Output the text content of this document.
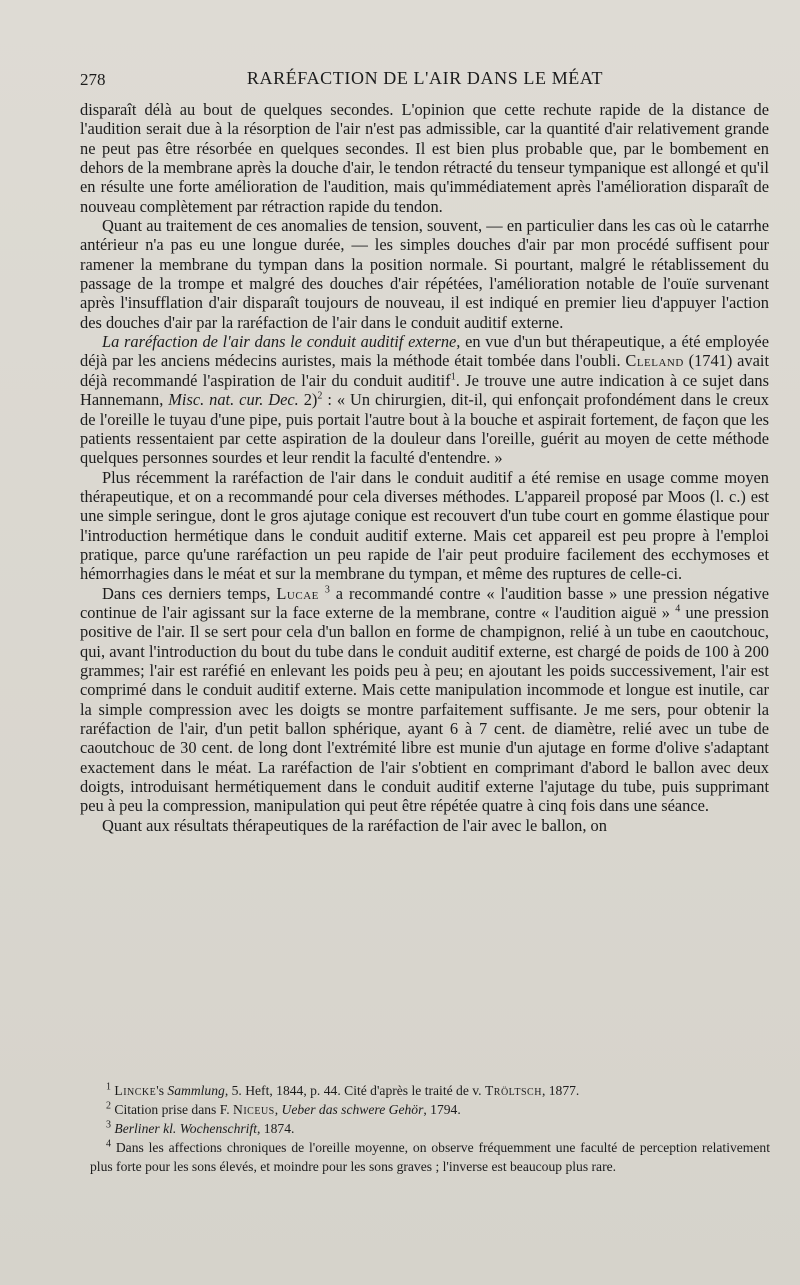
278	RARÉFACTION DE L'AIR DANS LE MÉAT

disparaît délà au bout de quelques secondes. L'opinion que cette rechute rapide de la distance de l'audition serait due à la résorption de l'air n'est pas admissible, car la quantité d'air relativement grande ne peut pas être résorbée en quelques secondes. Il est bien plus probable que, par le bombement en dehors de la membrane après la douche d'air, le tendon rétracté du tenseur tympanique est allongé et qu'il en résulte une forte amélioration de l'audition, mais qu'immédiatement après l'amélioration disparaît de nouveau complètement par rétraction rapide du tendon.

Quant au traitement de ces anomalies de tension, souvent, — en particulier dans les cas où le catarrhe antérieur n'a pas eu une longue durée, — les simples douches d'air par mon procédé suffisent pour ramener la membrane du tympan dans la position normale. Si pourtant, malgré le rétablissement du passage de la trompe et malgré des douches d'air répétées, l'amélioration notable de l'ouïe survenant après l'insufflation d'air disparaît toujours de nouveau, il est indiqué en premier lieu d'appuyer l'action des douches d'air par la raréfaction de l'air dans le conduit auditif externe.

La raréfaction de l'air dans le conduit auditif externe, en vue d'un but thérapeutique, a été employée déjà par les anciens médecins auristes, mais la méthode était tombée dans l'oubli. Cleland (1741) avait déjà recommandé l'aspiration de l'air du conduit auditif$^1$. Je trouve une autre indication à ce sujet dans Hannemann, Misc. nat. cur. Dec. 2)$^2$ : « Un chirurgien, dit-il, qui enfonçait profondément dans le creux de l'oreille le tuyau d'une pipe, puis portait l'autre bout à la bouche et aspirait fortement, de façon que les patients ressentaient par cette aspiration de la douleur dans l'oreille, guérit au moyen de cette méthode quelques personnes sourdes et leur rendit la faculté d'entendre. »

Plus récemment la raréfaction de l'air dans le conduit auditif a été remise en usage comme moyen thérapeutique, et on a recommandé pour cela diverses méthodes. L'appareil proposé par Moos (l. c.) est une simple seringue, dont le gros ajutage conique est recouvert d'un tube court en gomme élastique pour l'introduction hermétique dans le conduit auditif externe. Mais cet appareil est peu propre à l'emploi pratique, parce qu'une raréfaction un peu rapide de l'air peut produire facilement des ecchymoses et hémorrhagies dans le méat et sur la membrane du tympan, et même des ruptures de celle-ci.

Dans ces derniers temps, Lucae $^3$ a recommandé contre « l'audition basse » une pression négative continue de l'air agissant sur la face externe de la membrane, contre « l'audition aiguë » $^4$ une pression positive de l'air. Il se sert pour cela d'un ballon en forme de champignon, relié à un tube en caoutchouc, qui, avant l'introduction du bout du tube dans le conduit auditif externe, est chargé de poids de 100 à 200 grammes; l'air est raréfié en enlevant les poids peu à peu; en ajoutant les poids successivement, l'air est comprimé dans le conduit auditif externe. Mais cette manipulation incommode et longue est inutile, car la simple compression avec les doigts se montre parfaitement suffisante. Je me sers, pour obtenir la raréfaction de l'air, d'un petit ballon sphérique, ayant 6 à 7 cent. de diamètre, relié avec un tube de caoutchouc de 30 cent. de long dont l'extrémité libre est munie d'un ajutage en forme d'olive s'adaptant exactement dans le méat. La raréfaction de l'air s'obtient en comprimant d'abord le ballon avec deux doigts, introduisant hermétiquement dans le conduit auditif externe l'ajutage du tube, puis supprimant peu à peu la compression, manipulation qui peut être répétée quatre à cinq fois dans une séance.

Quant aux résultats thérapeutiques de la raréfaction de l'air avec le ballon, on

$^1$ Lincke's Sammlung, 5. Heft, 1844, p. 44. Cité d'après le traité de v. Tröltsch, 1877.

$^2$ Citation prise dans F. Niceus, Ueber das schwere Gehör, 1794.

$^3$ Berliner kl. Wochenschrift, 1874.

$^4$ Dans les affections chroniques de l'oreille moyenne, on observe fréquemment une faculté de perception relativement plus forte pour les sons élevés, et moindre pour les sons graves ; l'inverse est beaucoup plus rare.
